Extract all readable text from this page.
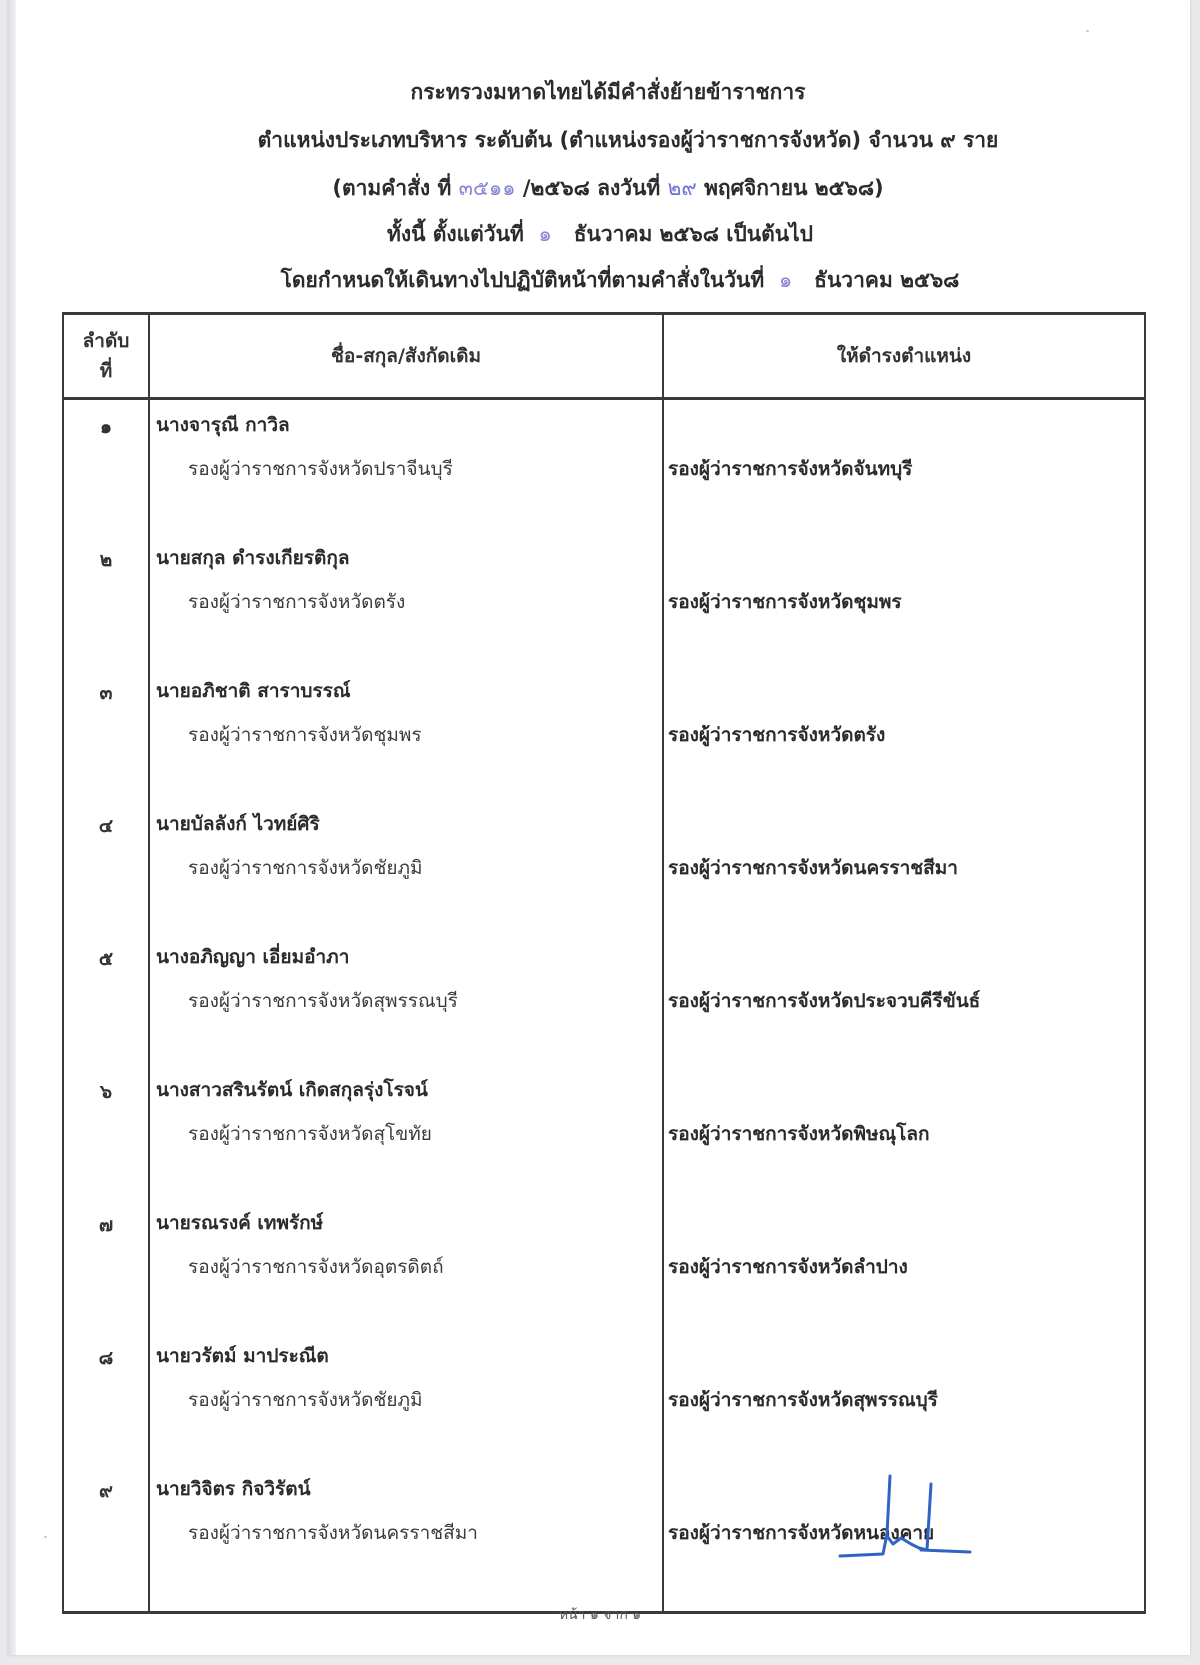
กระทรวงมหาดไทยได้มีคำสั่งย้ายข้าราชการ
ตำแหน่งประเภทบริหาร ระดับต้น (ตำแหน่งรองผู้ว่าราชการจังหวัด) จำนวน ๙ ราย
(ตามคำสั่ง ที่ ๓๕๑๑ /๒๕๖๘ ลงวันที่ ๒๙ พฤศจิกายน ๒๕๖๘)
ทั้งนี้ ตั้งแต่วันที่  ๑   ธันวาคม ๒๕๖๘ เป็นต้นไป
โดยกำหนดให้เดินทางไปปฏิบัติหน้าที่ตามคำสั่งในวันที่  ๑   ธันวาคม ๒๕๖๘
ลำดับ
ที่	ชื่อ-สกุล/สังกัดเดิม	ให้ดำรงตำแหน่ง
๑	นางจารุณี กาวิล
รองผู้ว่าราชการจังหวัดปราจีนบุรี	รองผู้ว่าราชการจังหวัดจันทบุรี

๒	นายสกุล ดำรงเกียรติกุล
รองผู้ว่าราชการจังหวัดตรัง	รองผู้ว่าราชการจังหวัดชุมพร

๓	นายอภิชาติ สาราบรรณ์
รองผู้ว่าราชการจังหวัดชุมพร	รองผู้ว่าราชการจังหวัดตรัง

๔	นายบัลลังก์ ไวทย์ศิริ
รองผู้ว่าราชการจังหวัดชัยภูมิ	รองผู้ว่าราชการจังหวัดนครราชสีมา

๕	นางอภิญญา เอี่ยมอำภา
รองผู้ว่าราชการจังหวัดสุพรรณบุรี	รองผู้ว่าราชการจังหวัดประจวบคีรีขันธ์

๖	นางสาวสรินรัตน์ เกิดสกุลรุ่งโรจน์
รองผู้ว่าราชการจังหวัดสุโขทัย	รองผู้ว่าราชการจังหวัดพิษณุโลก

๗	นายรณรงค์ เทพรักษ์
รองผู้ว่าราชการจังหวัดอุตรดิตถ์	รองผู้ว่าราชการจังหวัดลำปาง

๘	นายวรัตม์ มาประณีต
รองผู้ว่าราชการจังหวัดชัยภูมิ	รองผู้ว่าราชการจังหวัดสุพรรณบุรี

๙	นายวิจิตร กิจวิรัตน์
รองผู้ว่าราชการจังหวัดนครราชสีมา	รองผู้ว่าราชการจังหวัดหนองคาย
หน้า ๑ จาก ๑
